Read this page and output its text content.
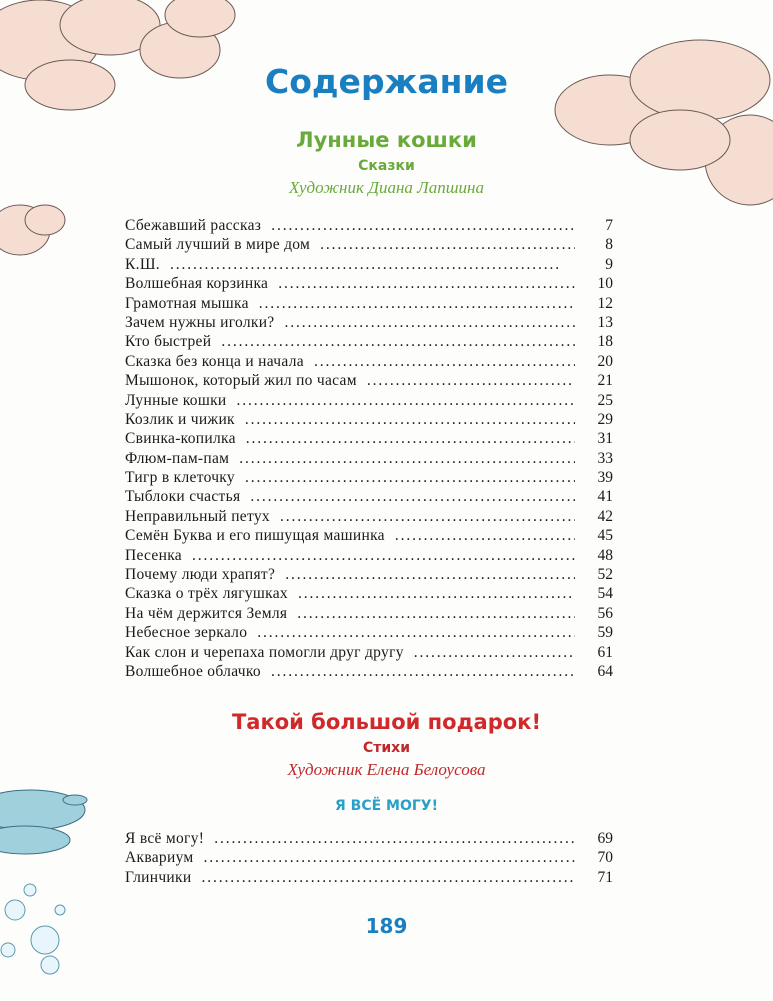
Содержание
Лунные кошки
Сказки
Художник Диана Лапшина
Сбежавший рассказ . . .	7
Самый лучший в мире дом . . .	8
К.Ш. . . .	9
Волшебная корзинка . . .	10
Грамотная мышка . . .	12
Зачем нужны иголки? . . .	13
Кто быстрей . . .	18
Сказка без конца и начала . . .	20
Мышонок, который жил по часам . . .	21
Лунные кошки . . .	25
Козлик и чижик . . .	29
Свинка-копилка . . .	31
Флюм-пам-пам . . .	33
Тигр в клеточку . . .	39
Тыблоки счастья . . .	41
Неправильный петух . . .	42
Семён Буква и его пишущая машинка . . .	45
Песенка . . .	48
Почему люди храпят? . . .	52
Сказка о трёх лягушках . . .	54
На чём держится Земля . . .	56
Небесное зеркало . . .	59
Как слон и черепаха помогли друг другу . . .	61
Волшебное облачко . . .	64
Такой большой подарок!
Стихи
Художник Елена Белоусова
Я ВСЁ МОГУ!
Я всё могу! . . .	69
Аквариум . . .	70
Глинчики . . .	71
189
